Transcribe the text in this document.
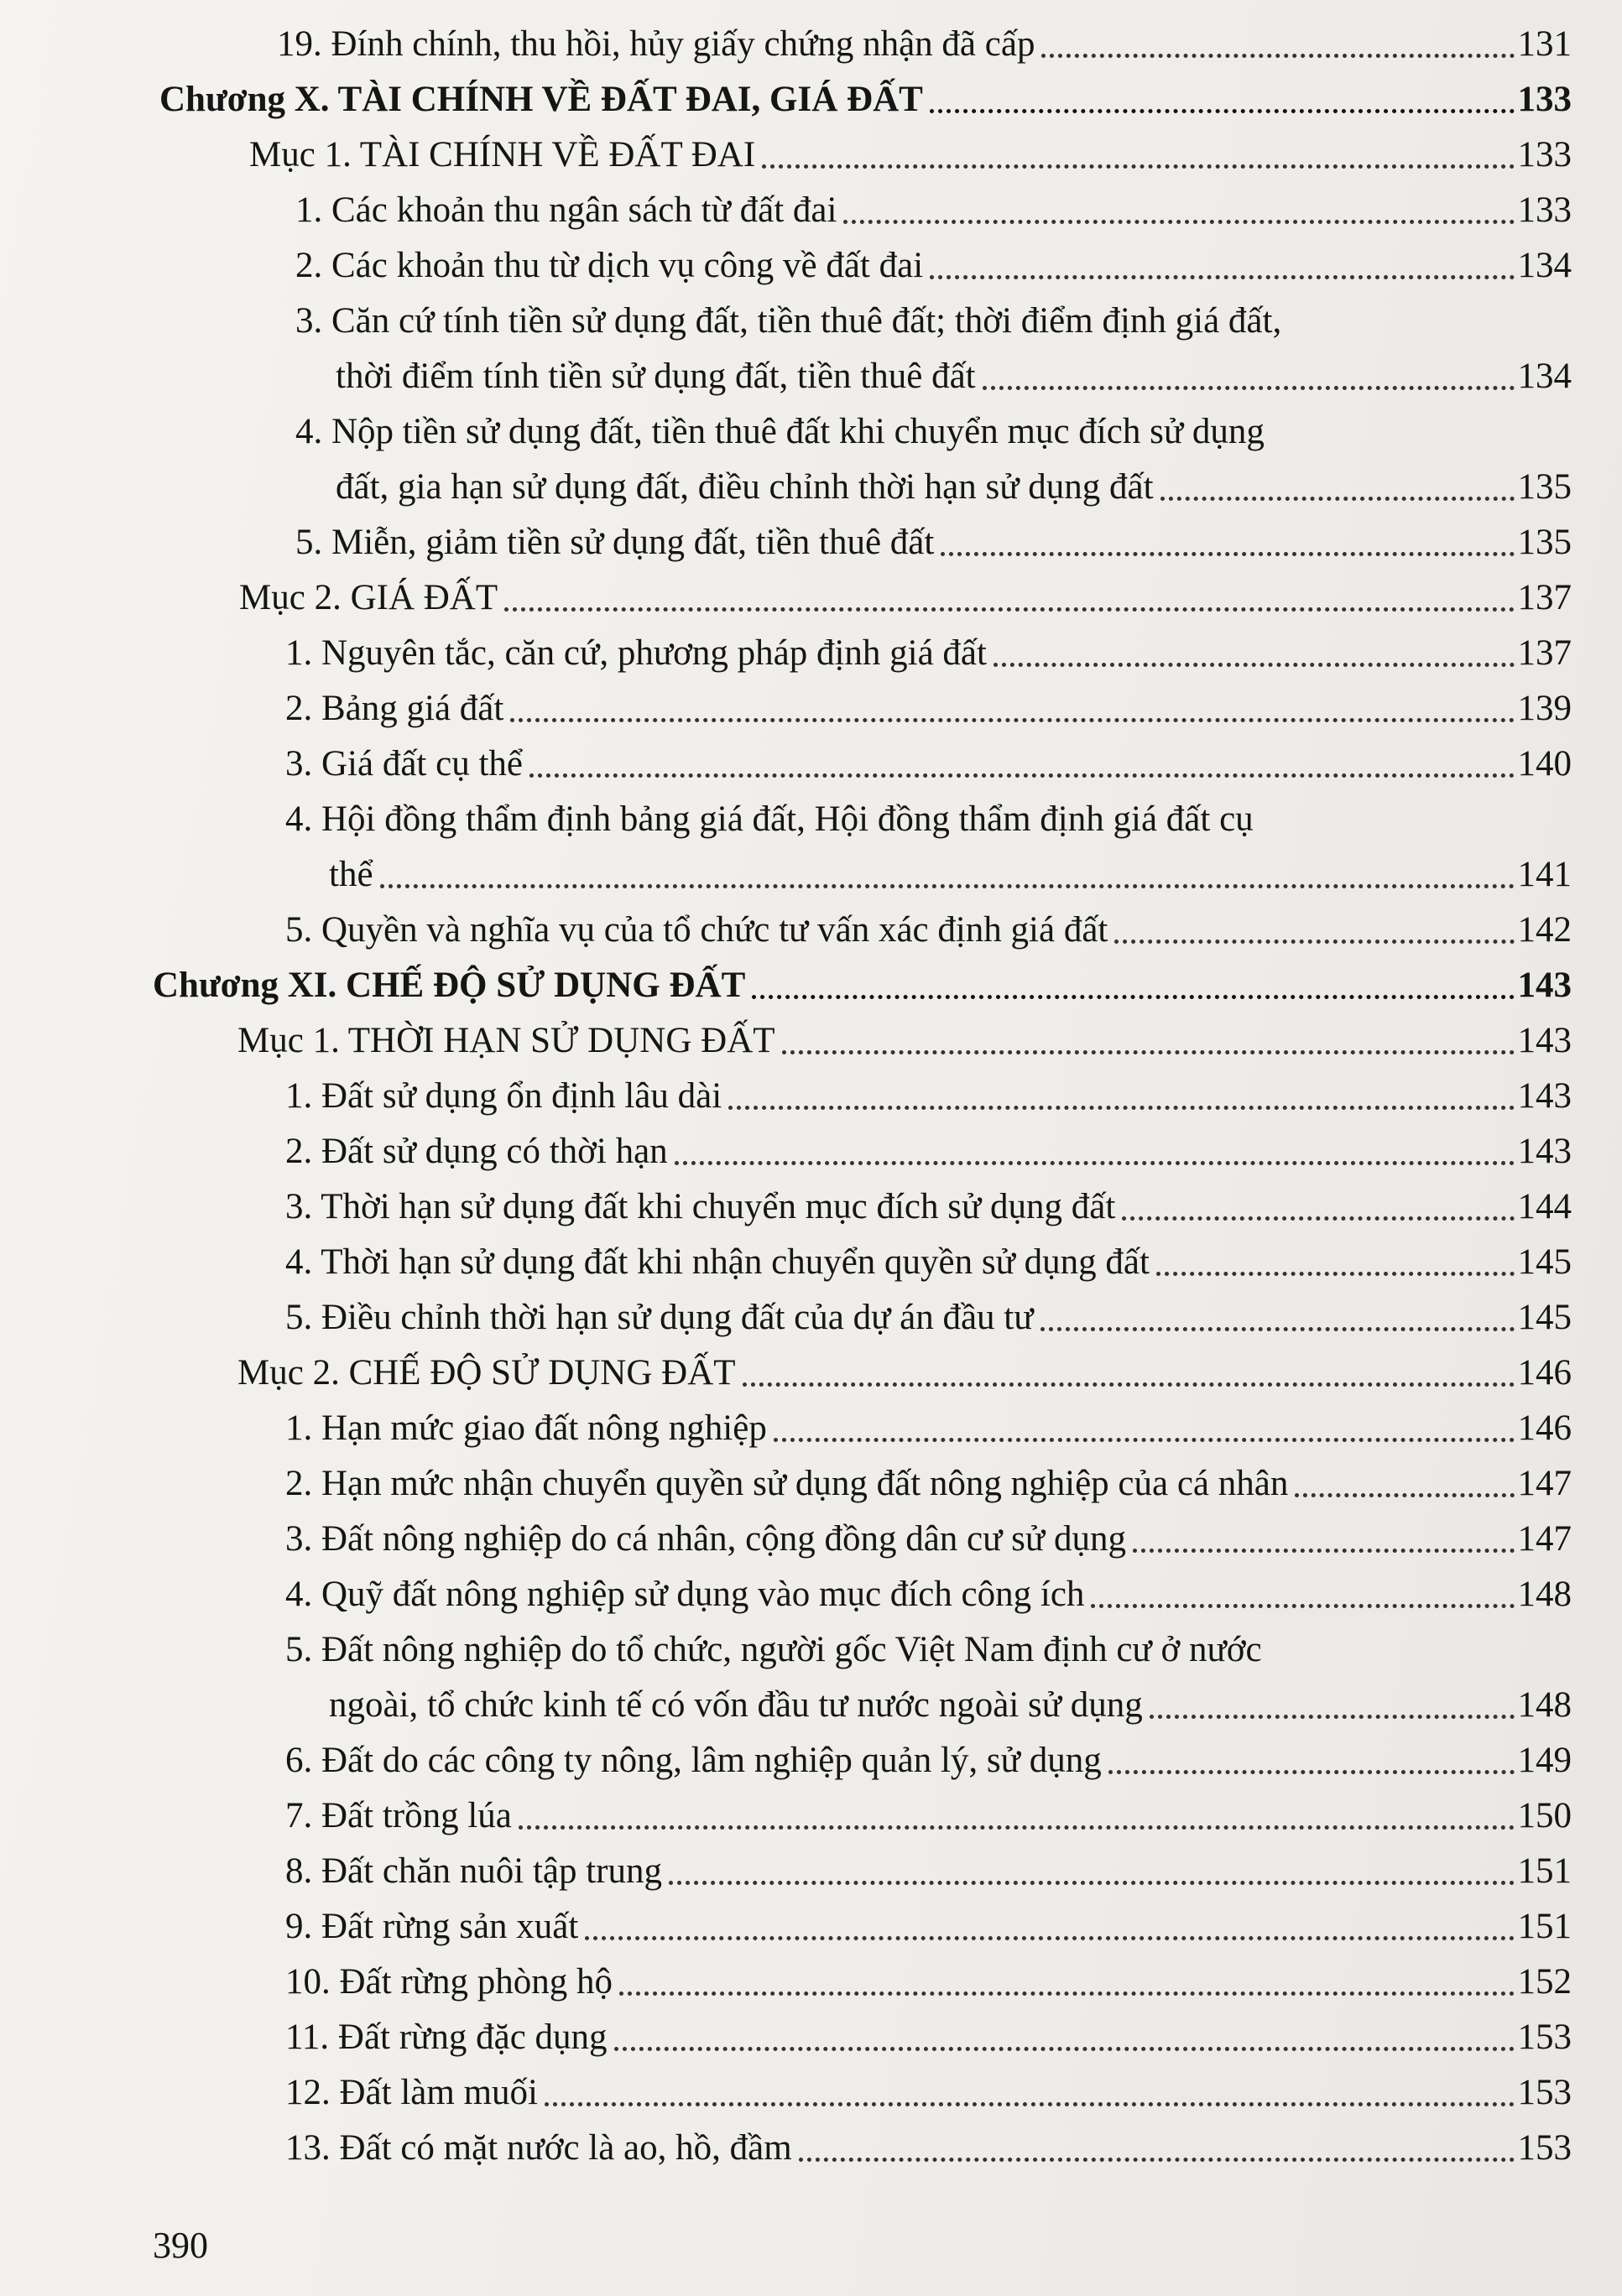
19. Đính chính, thu hồi, hủy giấy chứng nhận đã cấp	131
Chương X. TÀI CHÍNH VỀ ĐẤT ĐAI, GIÁ ĐẤT	133
Mục 1. TÀI CHÍNH VỀ ĐẤT ĐAI	133
1. Các khoản thu ngân sách từ đất đai	133
2. Các khoản thu từ dịch vụ công về đất đai	134
3. Căn cứ tính tiền sử dụng đất, tiền thuê đất; thời điểm định giá đất,
thời điểm tính tiền sử dụng đất, tiền thuê đất	134
4. Nộp tiền sử dụng đất, tiền thuê đất khi chuyển mục đích sử dụng
đất, gia hạn sử dụng đất, điều chỉnh thời hạn sử dụng đất	135
5. Miễn, giảm tiền sử dụng đất, tiền thuê đất	135
Mục 2. GIÁ ĐẤT	137
1. Nguyên tắc, căn cứ, phương pháp định giá đất	137
2. Bảng giá đất	139
3. Giá đất cụ thể	140
4. Hội đồng thẩm định bảng giá đất, Hội đồng thẩm định giá đất cụ
thể	141
5. Quyền và nghĩa vụ của tổ chức tư vấn xác định giá đất	142
Chương XI. CHẾ ĐỘ SỬ DỤNG ĐẤT	143
Mục 1. THỜI HẠN SỬ DỤNG ĐẤT	143
1. Đất sử dụng ổn định lâu dài	143
2. Đất sử dụng có thời hạn	143
3. Thời hạn sử dụng đất khi chuyển mục đích sử dụng đất	144
4. Thời hạn sử dụng đất khi nhận chuyển quyền sử dụng đất	145
5. Điều chỉnh thời hạn sử dụng đất của dự án đầu tư	145
Mục 2. CHẾ ĐỘ SỬ DỤNG ĐẤT	146
1. Hạn mức giao đất nông nghiệp	146
2. Hạn mức nhận chuyển quyền sử dụng đất nông nghiệp của cá nhân	147
3. Đất nông nghiệp do cá nhân, cộng đồng dân cư sử dụng	147
4. Quỹ đất nông nghiệp sử dụng vào mục đích công ích	148
5. Đất nông nghiệp do tổ chức, người gốc Việt Nam định cư ở nước
ngoài, tổ chức kinh tế có vốn đầu tư nước ngoài sử dụng	148
6. Đất do các công ty nông, lâm nghiệp quản lý, sử dụng	149
7. Đất trồng lúa	150
8. Đất chăn nuôi tập trung	151
9. Đất rừng sản xuất	151
10. Đất rừng phòng hộ	152
11. Đất rừng đặc dụng	153
12. Đất làm muối	153
13. Đất có mặt nước là ao, hồ, đầm	153
390
